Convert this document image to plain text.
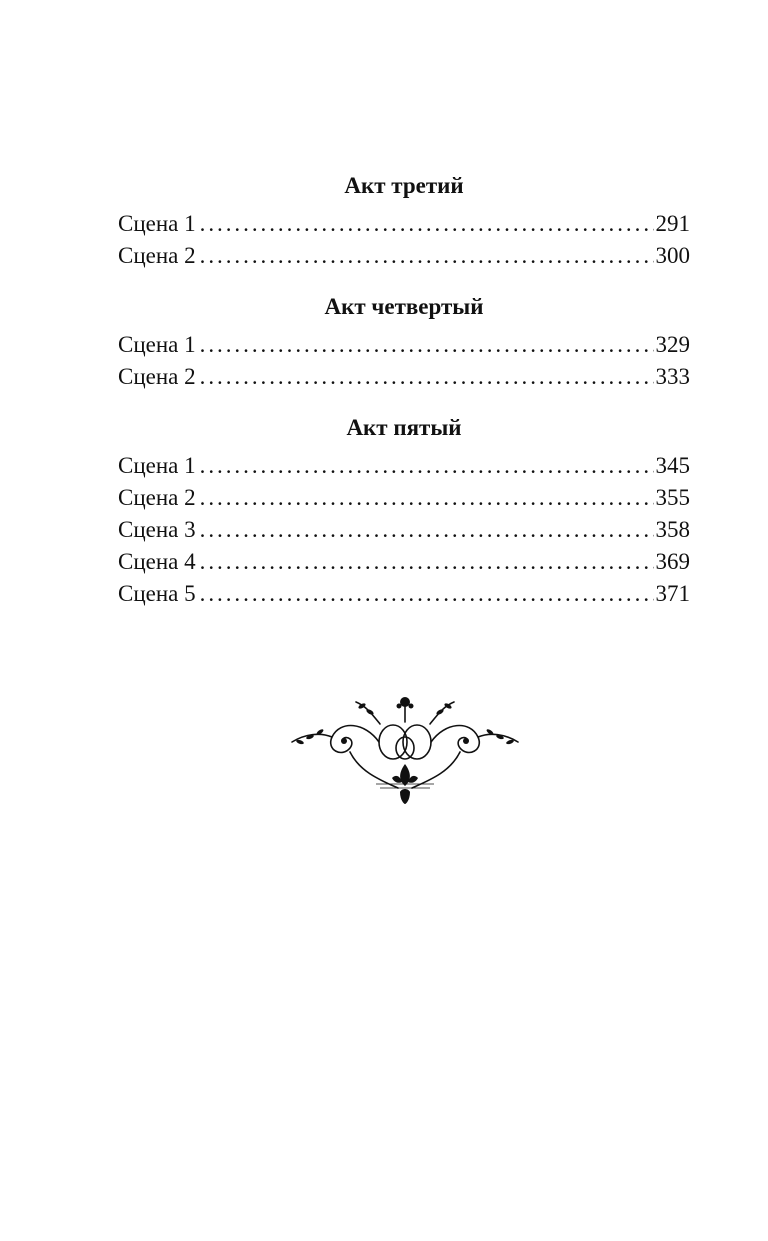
Акт третий
Сцена 1 . . .	291
Сцена 2 . . .	300
Акт четвертый
Сцена 1 . . .	329
Сцена 2 . . .	333
Акт пятый
Сцена 1 . . .	345
Сцена 2 . . .	355
Сцена 3 . . .	358
Сцена 4 . . .	369
Сцена 5 . . .	371
